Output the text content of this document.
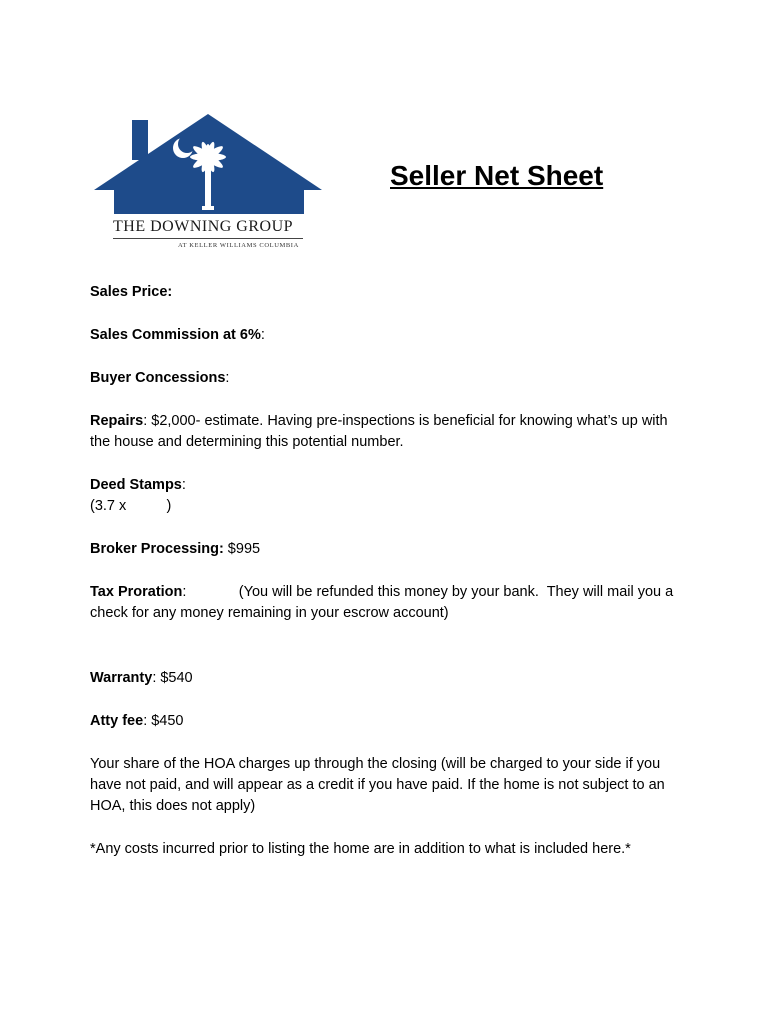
THE DOWNING GROUP
AT KELLER WILLIAMS COLUMBIA
Seller Net Sheet

Sales Price:

Sales Commission at 6%:

Buyer Concessions:

Repairs: $2,000- estimate. Having pre-inspections is beneficial for knowing what’s up with the house and determining this potential number.

Deed Stamps:
(3.7 x          )

Broker Processing: $995

Tax Proration:             (You will be refunded this money by your bank.  They will mail you a check for any money remaining in your escrow account)

Warranty: $540

Atty fee: $450

Your share of the HOA charges up through the closing (will be charged to your side if you have not paid, and will appear as a credit if you have paid. If the home is not subject to an HOA, this does not apply)

*Any costs incurred prior to listing the home are in addition to what is included here.*
